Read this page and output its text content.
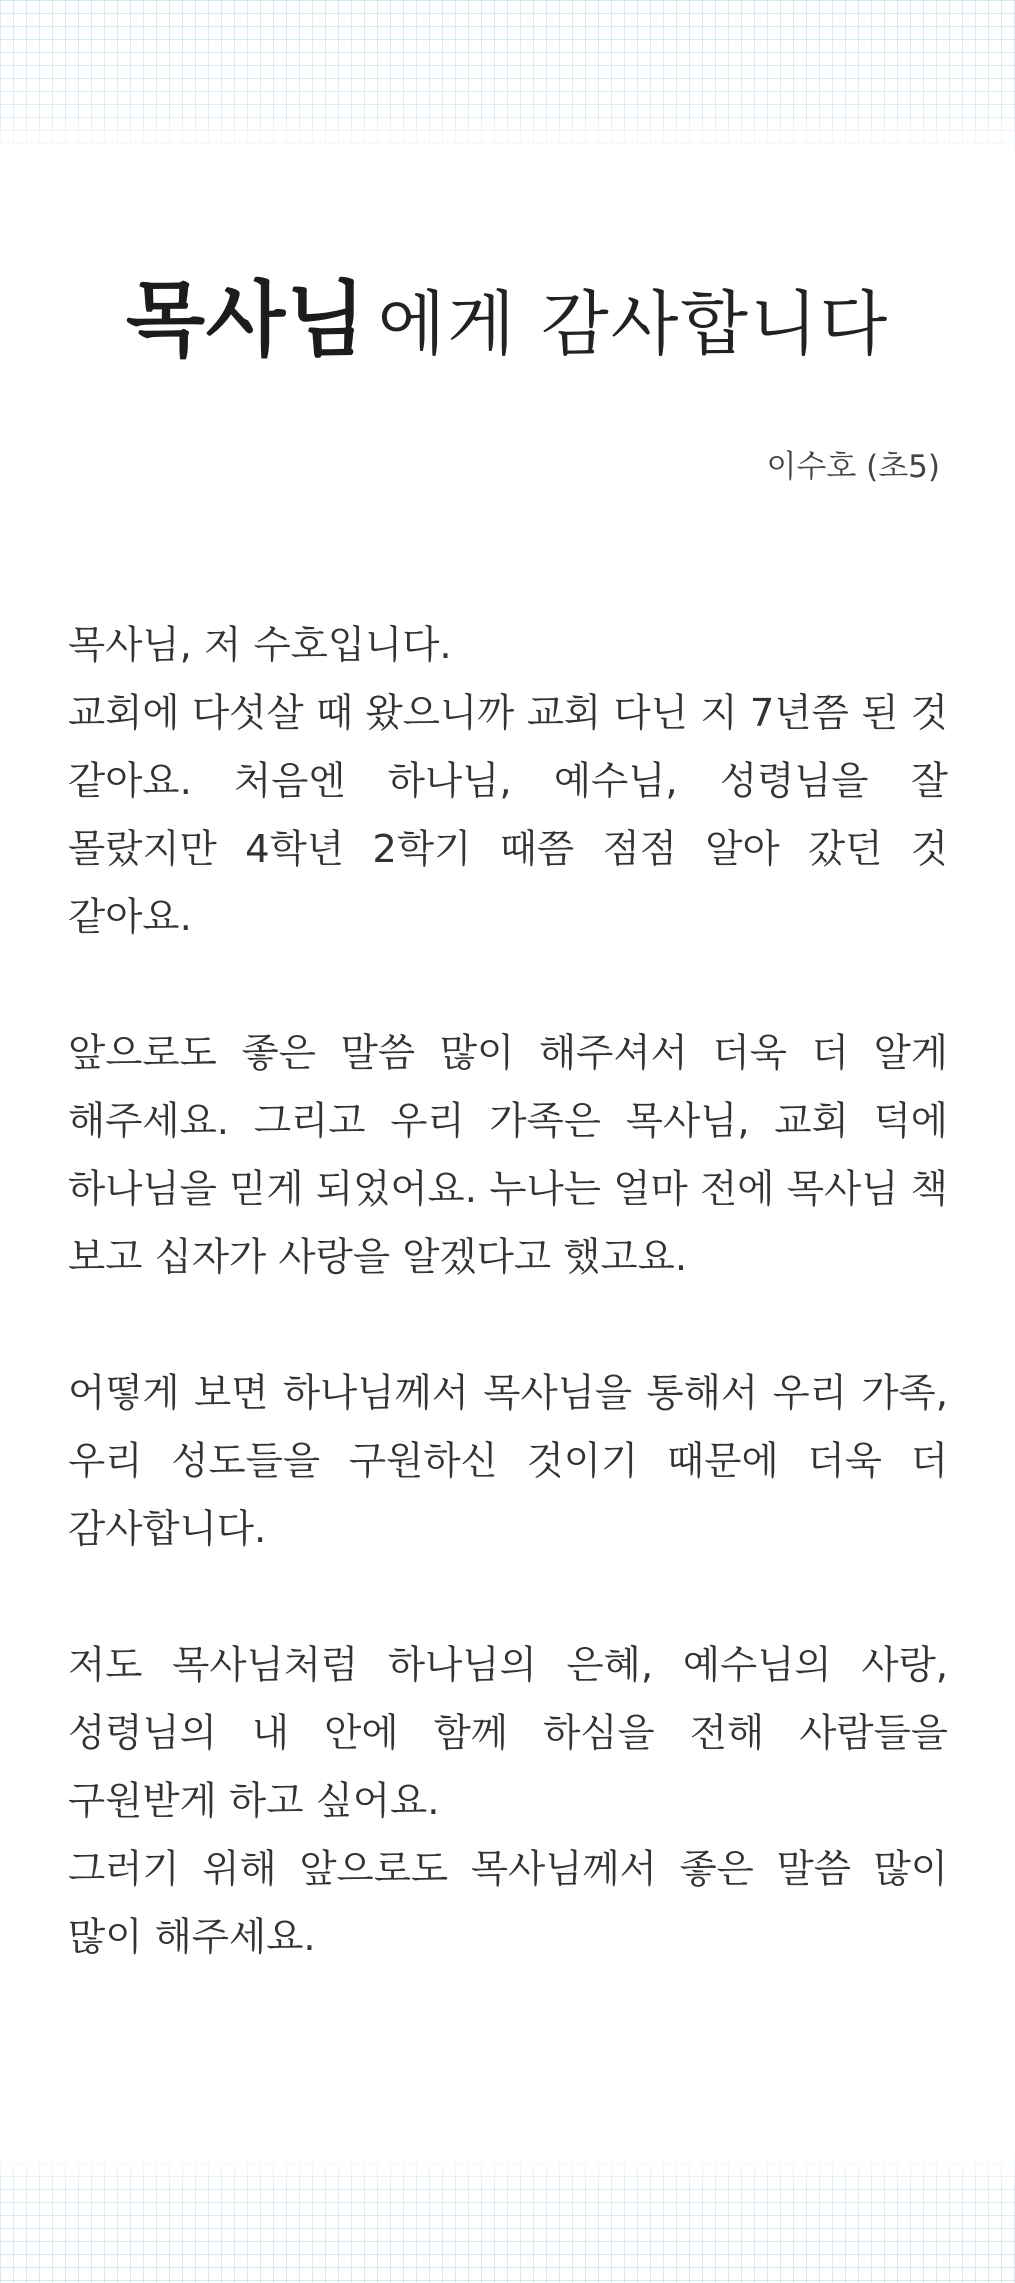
목사님 에게 감사합니다
이수호 (초5)

목사님, 저 수호입니다.
교회에 다섯살 때 왔으니까 교회 다닌 지 7년쯤 된 것 같아요. 처음엔 하나님, 예수님, 성령님을 잘 몰랐지만 4학년 2학기 때쯤 점점 알아 갔던 것 같아요.

앞으로도 좋은 말씀 많이 해주셔서 더욱 더 알게 해주세요. 그리고 우리 가족은 목사님, 교회 덕에 하나님을 믿게 되었어요. 누나는 얼마 전에 목사님 책 보고 십자가 사랑을 알겠다고 했고요.

어떻게 보면 하나님께서 목사님을 통해서 우리 가족, 우리 성도들을 구원하신 것이기 때문에 더욱 더 감사합니다.

저도 목사님처럼 하나님의 은혜, 예수님의 사랑, 성령님의 내 안에 함께 하심을 전해 사람들을 구원받게 하고 싶어요.
그러기 위해 앞으로도 목사님께서 좋은 말씀 많이 많이 해주세요.
